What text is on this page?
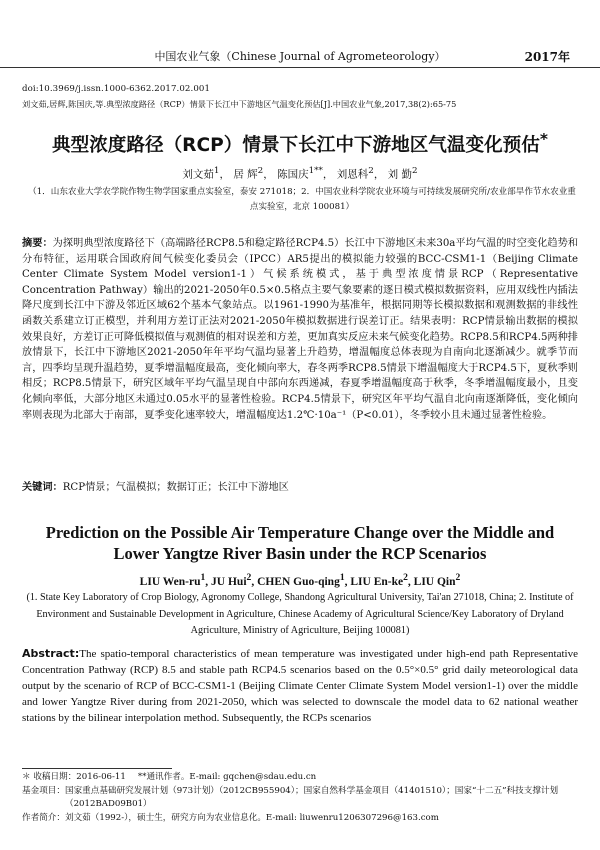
中国农业气象（Chinese Journal of Agrometeorology）	2017年
doi:10.3969/j.issn.1000-6362.2017.02.001
刘文茹,居辉,陈国庆,等.典型浓度路径（RCP）情景下长江中下游地区气温变化预估[J].中国农业气象,2017,38(2):65-75
典型浓度路径（RCP）情景下长江中下游地区气温变化预估*
刘文茹$^1$， 居 辉$^2$， 陈国庆$^{1**}$， 刘恩科$^2$， 刘 勤$^2$
（1．山东农业大学农学院作物生物学国家重点实验室，泰安 271018；2．中国农业科学院农业环境与可持续发展研究所/农业部旱作节水农业重点实验室，北京 100081）
摘要：为探明典型浓度路径下（高端路径RCP8.5和稳定路径RCP4.5）长江中下游地区未来30a平均气温的时空变化趋势和分布特征，运用联合国政府间气候变化委员会（IPCC）AR5提出的模拟能力较强的BCC-CSM1-1（Beijing Climate Center Climate System Model version1-1）气候系统模式，基于典型浓度情景RCP（Representative Concentration Pathway）输出的2021-2050年0.5×0.5格点主要气象要素的逐日模式模拟数据资料，应用双线性内插法降尺度到长江中下游及邻近区域62个基本气象站点。以1961-1990为基准年，根据同期等长模拟数据和观测数据的非线性函数关系建立订正模型，并利用方差订正法对2021-2050年模拟数据进行误差订正。结果表明：RCP情景输出数据的模拟效果良好，方差订正可降低模拟值与观测值的相对误差和方差，更加真实反应未来气候变化趋势。RCP8.5和RCP4.5两种排放情景下，长江中下游地区2021-2050年年平均气温均显著上升趋势，增温幅度总体表现为自南向北逐渐减少。就季节而言，四季均呈现升温趋势，夏季增温幅度最高，变化倾向率大，春冬两季RCP8.5情景下增温幅度大于RCP4.5下，夏秋季则相反；RCP8.5情景下，研究区域年平均气温呈现自中部向东西递减，春夏季增温幅度高于秋季，冬季增温幅度最小，且变化倾向率低，大部分地区未通过0.05水平的显著性检验。RCP4.5情景下，研究区年平均气温自北向南逐渐降低，变化倾向率则表现为北部大于南部，夏季变化速率较大，增温幅度达1.2℃·10a⁻¹（P<0.01），冬季较小且未通过显著性检验。
关键词：RCP情景；气温模拟；数据订正；长江中下游地区
Prediction on the Possible Air Temperature Change over the Middle and Lower Yangtze River Basin under the RCP Scenarios
LIU Wen-$ru^1$, JU Hui$^2$, CHEN Guo-qing$^1$, LIU $En-ke^2$, LIU Qin$^2$
(1. State Key Laboratory of Crop Biology, Agronomy College, Shandong Agricultural University, Tai'an 271018, China; 2. Institute of Environment and Sustainable Development in Agriculture, Chinese Academy of Agricultural Science/Key Laboratory of Dryland Agriculture, Ministry of Agriculture, Beijing 100081)
Abstract:The spatio-temporal characteristics of mean temperature was investigated under high-end path Representative Concentration Pathway (RCP) 8.5 and stable path RCP4.5 scenarios based on the 0.5°×0.5° grid daily meteorological data output by the scenario of RCP of BCC-CSM1-1 (Beijing Climate Center Climate System Model version1-1) over the middle and lower Yangtze River during from 2021-2050, which was selected to downscale the model data to 62 national weather stations by the bilinear interpolation method. Subsequently, the RCPs scenarios
＊ 收稿日期： 2016-06-11 **通讯作者。E-mail: gqchen@sdau.edu.cn
基金项目： 国家重点基础研究发展计划（973计划）（2012CB955904）；国家自然科学基金项目（41401510）；国家“十二五”科技支撑计划（2012BAD09B01）
作者简介： 刘文茹（1992-），硕士生，研究方向为农业信息化。E-mail: liuwenru1206307296@163.com
